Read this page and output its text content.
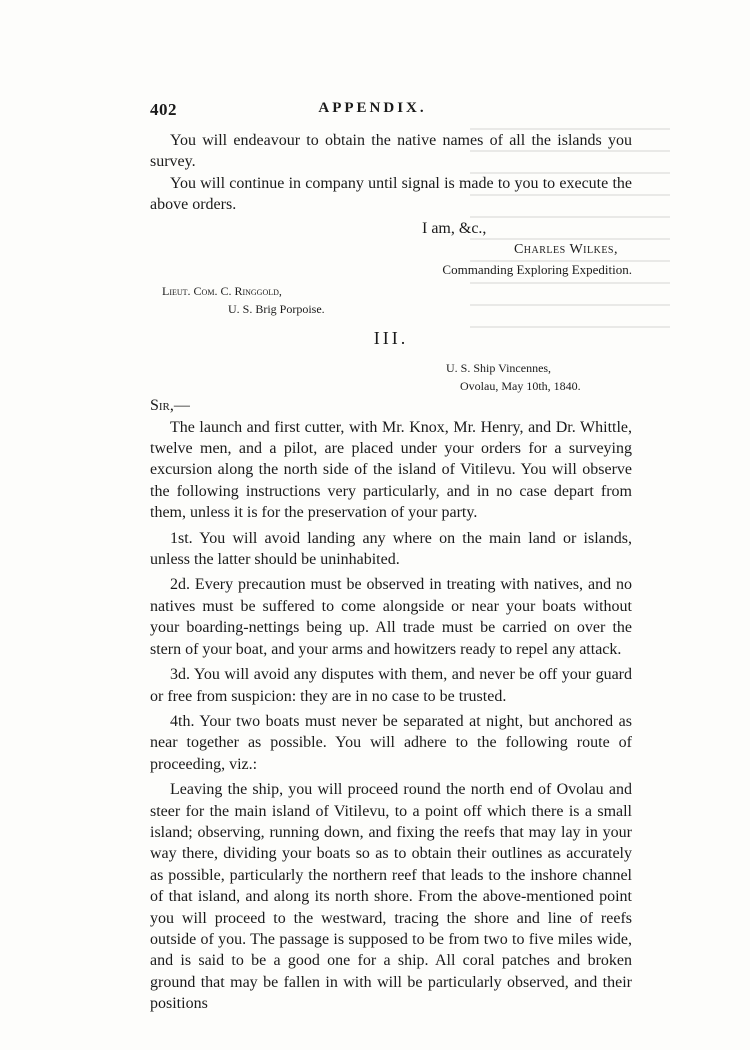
402	APPENDIX.

You will endeavour to obtain the native names of all the islands you survey.

You will continue in company until signal is made to you to execute the above orders.

I am, &c.,
Charles Wilkes,
Commanding Exploring Expedition.
Lieut. Com. C. Ringgold,
U. S. Brig Porpoise.
III.
U. S. Ship Vincennes,
Ovolau, May 10th, 1840.
Sir,—

The launch and first cutter, with Mr. Knox, Mr. Henry, and Dr. Whittle, twelve men, and a pilot, are placed under your orders for a surveying excursion along the north side of the island of Vitilevu. You will observe the following instructions very particularly, and in no case depart from them, unless it is for the preservation of your party.

1st. You will avoid landing any where on the main land or islands, unless the latter should be uninhabited.

2d. Every precaution must be observed in treating with natives, and no natives must be suffered to come alongside or near your boats without your boarding-nettings being up. All trade must be carried on over the stern of your boat, and your arms and howitzers ready to repel any attack.

3d. You will avoid any disputes with them, and never be off your guard or free from suspicion: they are in no case to be trusted.

4th. Your two boats must never be separated at night, but anchored as near together as possible. You will adhere to the following route of proceeding, viz.:

Leaving the ship, you will proceed round the north end of Ovolau and steer for the main island of Vitilevu, to a point off which there is a small island; observing, running down, and fixing the reefs that may lay in your way there, dividing your boats so as to obtain their outlines as accurately as possible, particularly the northern reef that leads to the inshore channel of that island, and along its north shore. From the above-mentioned point you will proceed to the westward, tracing the shore and line of reefs outside of you. The passage is supposed to be from two to five miles wide, and is said to be a good one for a ship. All coral patches and broken ground that may be fallen in with will be particularly observed, and their positions
